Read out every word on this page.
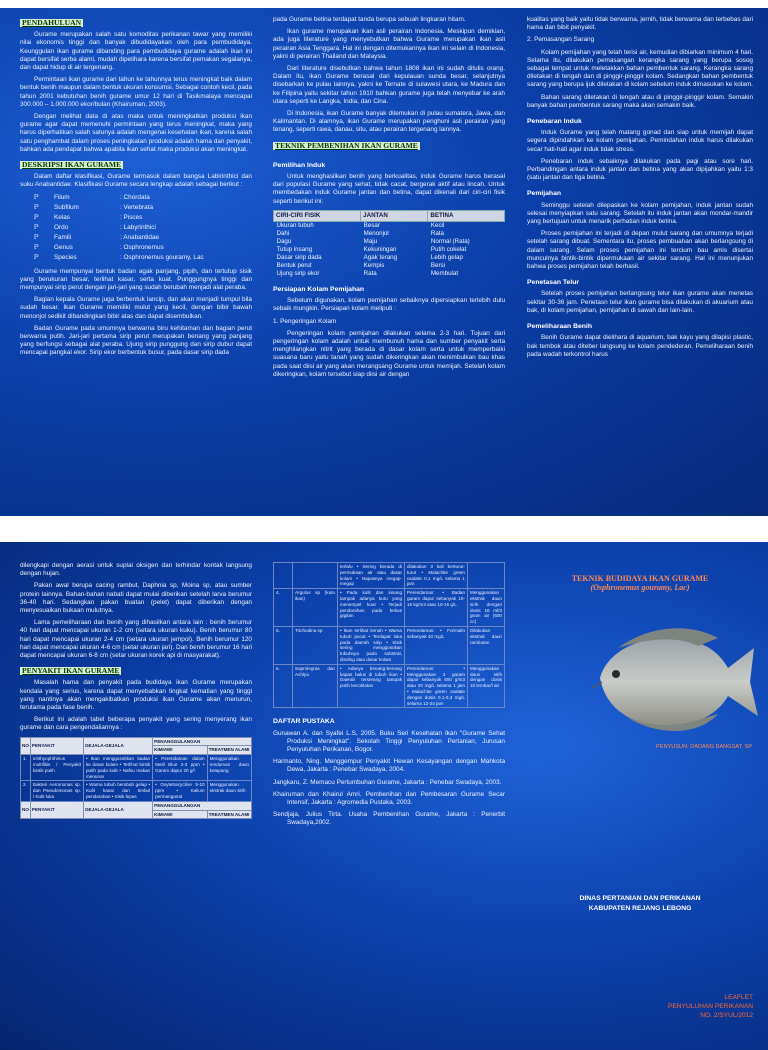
PENDAHULUAN

Gurame merupakan salah satu komoditas perikanan tawar yang memiliki nilai ekonomis tinggi dan banyak dibudidayakan oleh para pembudidaya. Keunggulan ikan gurame dibanding para pembudidaya gurame adalah ikan ini dapat bersifat serba alami, mudah dipelihara karena bersifat pemakan segalanya, dan dapat hidup di air tergenang.

Permintaan ikan gurame dari tahun ke tahunnya terus meningkat baik dalam bentuk benih maupun dalam bentuk ukuran konsumsi. Sebagai contoh kecil, pada tahun 2001 kebutuhan benih gurame umur 12 hari di Tasikmalaya mencapai 300.000 – 1.000.000 ekor/bulan (Khairuman, 2003).

Dengan melihat data di atas maka untuk meningkatkan produksi ikan gurame agar dapat memenuhi permintaan yang terus meningkat, maka yang harus diperhatikan salah satunya adalah mengenai kesehatan ikan, karena salah satu penghambat dalam proses peningkatan produksi adalah hama dan penyakit, bahkan ada pendapat bahwa apabila ikan sehat maka produksi akan meningkat.

DESKRIPSI IKAN GURAME

Dalam daftar klasifikasi, Gurame termasuk dalam bangsa Labirinthici dan suku Anabantidae. Klasifikasi Gurame secara lengkap adalah sebagai berikut :

ℙ	Filum	: Chordata
ℙ	Subfilum	: Vertebrata
ℙ	Kelas	: Pisces
ℙ	Ordo	: Labyrinthici
ℙ	Famili	: Anabantidae
ℙ	Genus	: Osphronemus
ℙ	Species	: Osphronemus gouramy, Lac

Gurame mempunyai bentuk badan agak panjang, pipih, dan tertutup sisik yang berukuran besar, terlihat kasar, serta kuat. Punggungnya tinggi dan mempunyai sirip perut dengan jari-jari yang sudah berubah menjadi alat peraba.

Bagian kepala Gurame juga berbentuk lancip, dan akan menjadi tumpul bila sudah besar. Ikan Gurame memiliki mulut yang kecil, dengan bibir bawah menonjol sedikit dibandingkan bibir atas dan dapat disembulkan.

Badan Gurame pada umumnya berwarna biru kehitaman dan bagian perut berwarna putih. Jari-jari pertama sirip perut merupakan benang yang panjang yang berfungsi sebagai alat peraba. Ujung sirip punggung dan sirip dubur dapat mencapai pangkal ekor. Sirip ekor berbentuk busur, pada dasar sirip dada

pada Gurame betina terdapat tanda berupa sebuah lingkaran hitam.

Ikan gurame merupakan ikan asli perairan Indonesia. Meskipun demikian, ada juga literature yang menyebutkan bahwa Gurame merupakan ikan asli perairan Asia Tenggara. Hal ini dengan ditemukannya ikan ini selain di Indonesia, yakni di perairan Thailand dan Malaysia.

Dari literature disebutkan bahwa tahun 1808 ikan ini sudah ditulis orang. Dalam itu, ikan Gurame berasal dari kepulauan sunda besar, selanjutnya disebarkan ke pulau lainnya, yakni ke Ternate di sulawesi utara, ke Madura dan ke Filipina yaitu sekitar tahun 1910 bahkan gurame juga telah menyebar ke arah utara seperti ke Langka, India, dan Cina.

Di Indonesia, ikan Gurame banyak ditemukan di pulau sumatera, Jawa, dan Kalimantan. Di alamnya, ikan Gurame merupakan penghuni asli perairan yang tenang, seperti rawa, danau, situ, atau perairan tergenang lainnya.

TEKNIK PEMBENIHAN IKAN GURAME
Pemilihan Induk

Untuk menghasilkan benih yang berkualitas, induk Gurame harus berasal dari populasi Gurame yang sehat, tidak cacat, bergerak aktif atau lincah. Untuk membedakan induk Gurame jantan dan betina, dapat dikenali dari ciri-ciri fisik seperti berikut ini:

CIRI-CIRI FISIK	JANTAN	BETINA
Ukuran tubuh	Besar	Kecil
Dahi	Menonjol	Rata
Dagu	Maju	Normal (Rata)
Tutup insang	Kekuningan	Putih cokelat
Dasar sirip dada	Agak terang	Lebih gelap
Bentuk perut	Kempis	Bersi
Ujung sirip ekor	Rata	Membulat
Persiapan Kolam Pemijahan

Sebelum digunakan, kolam pemijahan sebaiknya dipersiapkan terlebih dulu sebaik mungkin. Persiapan kolam meliputi :

1. Pengeringan Kolam

Pengeringan kolam pemijahan dilakukan selama 2-3 hari. Tujuan dari pengeringan kolam adalah untuk membunuh hama dan sumber penyakit serta menghilangkan nitrit yang berada di dasar kolam serta untuk memperbaiki suasana baru yaitu tanah yang sudah dikeringkan akan menimbulkan bau khas pada saat diisi air yang akan merangsang Gurame untuk memijah. Setelah kolam dikeringkan, kolam tersebut siap diisi air dengan

kualitas yang baik yaitu tidak berwarna, jernih, tidak berwarna dan terbebas dari hama dan bibit penyakit.

2. Pemasangan Sarang

Kolam pemijahan yang telah terisi air, kemudian dibiarkan minimum 4 hari. Selama itu, dilakukan pemasangan kerangka sarang yang berupa sosog sebagai tempat untuk meletakkan bahan pembentuk sarang. Kerangka sarang diletakan di tengah dan di pinggir-pinggir kolam. Sedangkan bahan pembentuk sarang yang berupa ijuk diletakan di kolam sebelum induk dimasukan ke kolam.

Bahan sarang diletakan di tengah atau di pinggir-pinggir kolam. Semakin banyak bahan pembentuk sarang maka akan semakin baik.

Penebaran Induk

Induk Gurame yang telah matang gonad dan siap untuk memijah dapat segera dipindahkan ke kolam pemijahan. Pemindahan induk harus dilakukan secar hati-hati agar induk tidak stress.

Penebaran induk sebaiknya dilakukan pada pagi atau sore hari. Perbandingan antara induk jantan dan betina yang akan dipijahkan yaitu 1:3 (satu jantan dan tiga betina.

Pemijahan

Seminggu setelah dilepaskan ke kolam pemijahan, induk jantan sudah selesai menyiapkan satu sarang. Setelah itu induk jantan akan mondar-mandir yang bertujuan untuk menarik perhatian induk betina.

Proses pemijahan ini terjadi di depan mulut sarang dan umumnya terjadi setelah sarang dibuat. Sementara itu, proses pembuahan akan berlangsung di dalam sarang. Selam proses pemijahan ini tercium bau amis disertai munculnya bintik-bintik dipermukaan air sekitar sarang. Hal ini menunjukan bahwa proses pemijahan telah berhasil.

Penetasan Telur

Setelah proses pemijahan berlangsung telur ikan gurame akan menetas sekitar 30-36 jam. Penetasn telur ikan gurame bisa dilakukan di akuarium atau bak, di kolam pemijahan, pemijahan di sawah dan lain-lain.

Pemeliharaan Benih

Benih Gurame dapat dielihara di aquarium, bak kayu yang dilapisi plastic, bak tembok atau diteber langsung ke kolam pendederan. Pemeliharaan benih pada wadah terkontrol harus

dilengkapi dengan aerasi untuk suplai oksigen dan terhindar kontak langsung dengan hujan.

Pakan awal berupa cacing rambut, Daphnia sp, Moina sp, atau sumber protein lainnya. Bahan-bahan nabati dapat mulai diberikan setelah larva berumur 36-40 hari. Sedangkan pakan buatan (pelet) dapat diberikan dengan menyesuaikan bukaan mulutnya.

Lama pemeliharaan dan benih yang dihasilkan antara lain : benih berumur 40 hari dapat mencapai ukuran 1-2 cm (setara ukuran kuku). Benih berumur 80 hari dapat mencapai ukuran 2-4 cm (setara ukuran jempol). Benih berumur 120 hari dapat mencapai ukuran 4-6 cm (setar ukuran jari). Dan benih berumur 16 hari dapat mencapai ukuran 6-8 cm (setar ukuran korek api di masyarakat).

PENYAKIT IKAN GURAME

Masalah hama dan penyakit pada budidaya ikan Gurame merupakan kendala yang serius, karena dapat menyebabkan tingkat kematian yang tinggi yang nantinya akan mengakibatkan produksi ikan Gurame akan menurun, terutama pada fase benih.

Berikut ini adalah tabel beberapa penyakit yang sering menyerang ikan gurame dan cara pengendaliannya :

NO	PENYAKIT	GEJALA-GEJALA	PENANGGULANGAN	
			KIMIAWI	TREATMEN ALAMI
1.	Ichthyophthirius multifiliis / Penyakit bintik putih	• Ikan menggosokkan badan ke dasar kolam • Terlihat bintik putih pada kulit • Nafsu makan menurun	• Perendaman dalam Metil Blue 2-3 ppm • Garam dapur 20 g/l	Menggunakan rendaman daun ketapang
2.	Bakteri Aeromonas sp. dan Pseudomonas sp. / Kulit luka	• Warna tubuh berubah gelap • Kulit kasar dan timbul pendarahan • Sisik lepas	• Oxytetracycline 5-10 ppm • Kalium permanganat	Menggunakan ekstrak daun sirih
NO	PENYAKIT	GEJALA-GEJALA	PENANGGULANGAN	
			KIMIAWI	TREATMEN ALAMI
		terlalu • Sering berada di permukaan air atau dasar kolam • Napasnya megap-megap	dilakukan 3 kali berturut-turut • Malachite green oxalate 0,1 mg/L selama 1 jam	
4.	Argulus sp (kutu ikan)	• Pada kulit dan insang tampak adanya kutu yang menempel kuat • Terjadi pendarahan pada bekas gigitan	Perendaman: • Badan garam dapur sebanyak 10-15 kg/m3 atau 10-15 g/L	Menggunakan ekstrak daun sirih dengan dosis 16 ml/3 gram air (600 cc)
5.	Trichodina sp	• Ikan terlihat lemah • Warna tubuh pucat • Terdapat luka pada daerah sirip • Sisik sering menggosokan tubuhnya pada substrat, dinding atau dasar kolam	Perendaman: • Formalin sebanyak 40 mg/L	Dilakukan ekstrak daun rambutan
6.	Saprolegnia dan Achlya	• Adanya benang-benang kapas halus di tubuh ikan • Daerah terserang tampak putih kecoklatan	Perendaman: • Menggunakan 3 garam dapur sebanyak 800 g/m3 atau 20 mg/L selama 1 jam • Malachite green oxalate dengan dosis 0,1-0,3 mg/L selama 12-24 jam	Menggunakan daun sirih dengan dosis 10 lembar/l air
DAFTAR PUSTAKA

Gunawan A. dan Syafei L.S, 2005. Buku Seri Kesehatan Ikan "Gurame Sehat Produksi Meningkat". Sekolah Tinggi Penyuluhan Pertanian, Jurusan Penyuluhan Perikanan, Bogor.

Harmanto, Ning. Menggempur Penyakit Hewan Kesayangan dengan Mahkota Dewa, Jakarta : Penebar Swadaya, 2004.

Jangkaru, Z. Memacu Pertumbuhan Gurame, Jakarta : Penebar Swadaya, 2003.

Khairuman dan Khairul Amri. Pembenihan dan Pembesaran Gurame Secar Intensif, Jakarta : Agromedia Pustaka, 2003.

Sendjaja, Julius Tirta. Usaha Pembenihan Gurame, Jakarta : Penerbit Swadaya,2002.

TEKNIK BUDIDAYA IKAN GURAME
(Osphronemus gouramy, Lac)
PENYUSUN: DADANG BANGSAT, SP
DINAS PERTANIAN DAN PERIKANAN
KABUPATEN REJANG LEBONG
LEAFLET
PENYULUHAN PERIKANAN
NO. 2/SYUL/2012
